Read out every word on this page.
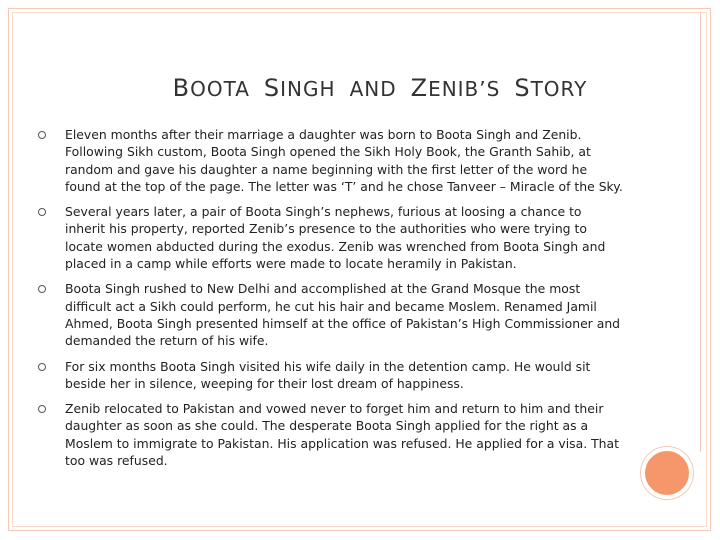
BOOTA SINGH AND ZENIB’S STORY
Eleven months after their marriage a daughter was born to Boota Singh and Zenib. Following Sikh custom, Boota Singh opened the Sikh Holy Book, the Granth Sahib, at random and gave his daughter a name beginning with the first letter of the word he found at the top of the page. The letter was ‘T’ and he chose Tanveer – Miracle of the Sky.
Several years later, a pair of Boota Singh’s nephews, furious at loosing a chance to inherit his property, reported Zenib’s presence to the authorities who were trying to locate women abducted during the exodus. Zenib was wrenched from Boota Singh and placed in a camp while efforts were made to locate heramily in Pakistan.
Boota Singh rushed to New Delhi and accomplished at the Grand Mosque the most difficult act a Sikh could perform, he cut his hair and became Moslem. Renamed Jamil Ahmed, Boota Singh presented himself at the office of Pakistan’s High Commissioner and demanded the return of his wife.
For six months Boota Singh visited his wife daily in the detention camp. He would sit beside her in silence, weeping for their lost dream of happiness.
Zenib relocated to Pakistan and vowed never to forget him and return to him and their daughter as soon as she could. The desperate Boota Singh applied for the right as a Moslem to immigrate to Pakistan. His application was refused. He applied for a visa. That too was refused.
